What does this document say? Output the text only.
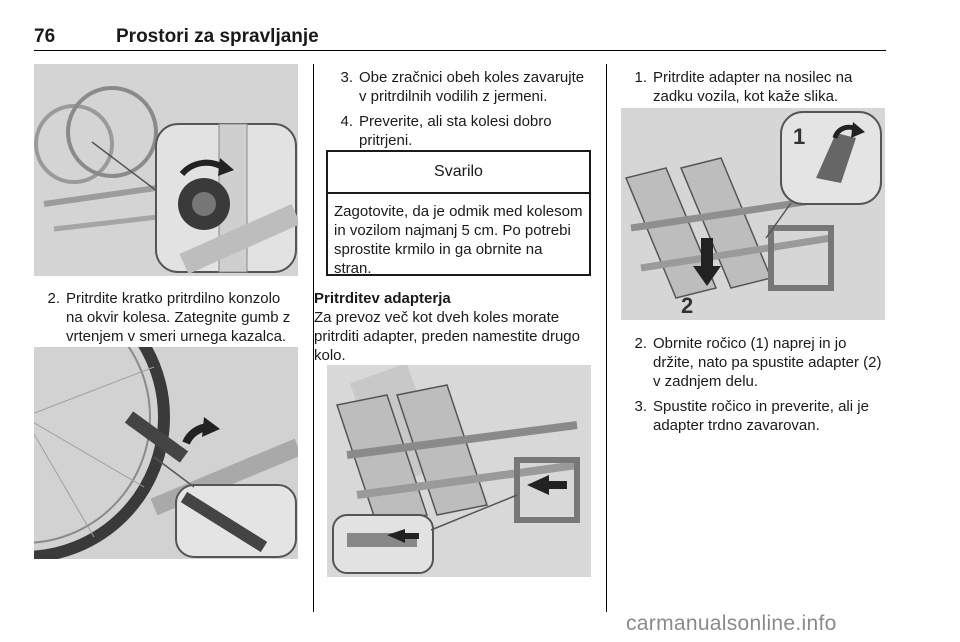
76	Prostori za spravljanje
2. Pritrdite kratko pritrdilno konzolo na okvir kolesa. Zategnite gumb z vrtenjem v smeri urnega kazalca.
3. Obe zračnici obeh koles zavarujte v pritrdilnih vodilih z jermeni.
4. Preverite, ali sta kolesi dobro pritrjeni.
Svarilo
Zagotovite, da je odmik med kolesom in vozilom najmanj 5 cm. Po potrebi sprostite krmilo in ga obrnite na stran.
Pritrditev adapterja
Za prevoz več kot dveh koles morate pritrditi adapter, preden namestite drugo kolo.
1. Pritrdite adapter na nosilec na zadku vozila, kot kaže slika.
2
1
2. Obrnite ročico (1) naprej in jo držite, nato pa spustite adapter (2) v zadnjem delu.
3. Spustite ročico in preverite, ali je adapter trdno zavarovan.
carmanualsonline.info
